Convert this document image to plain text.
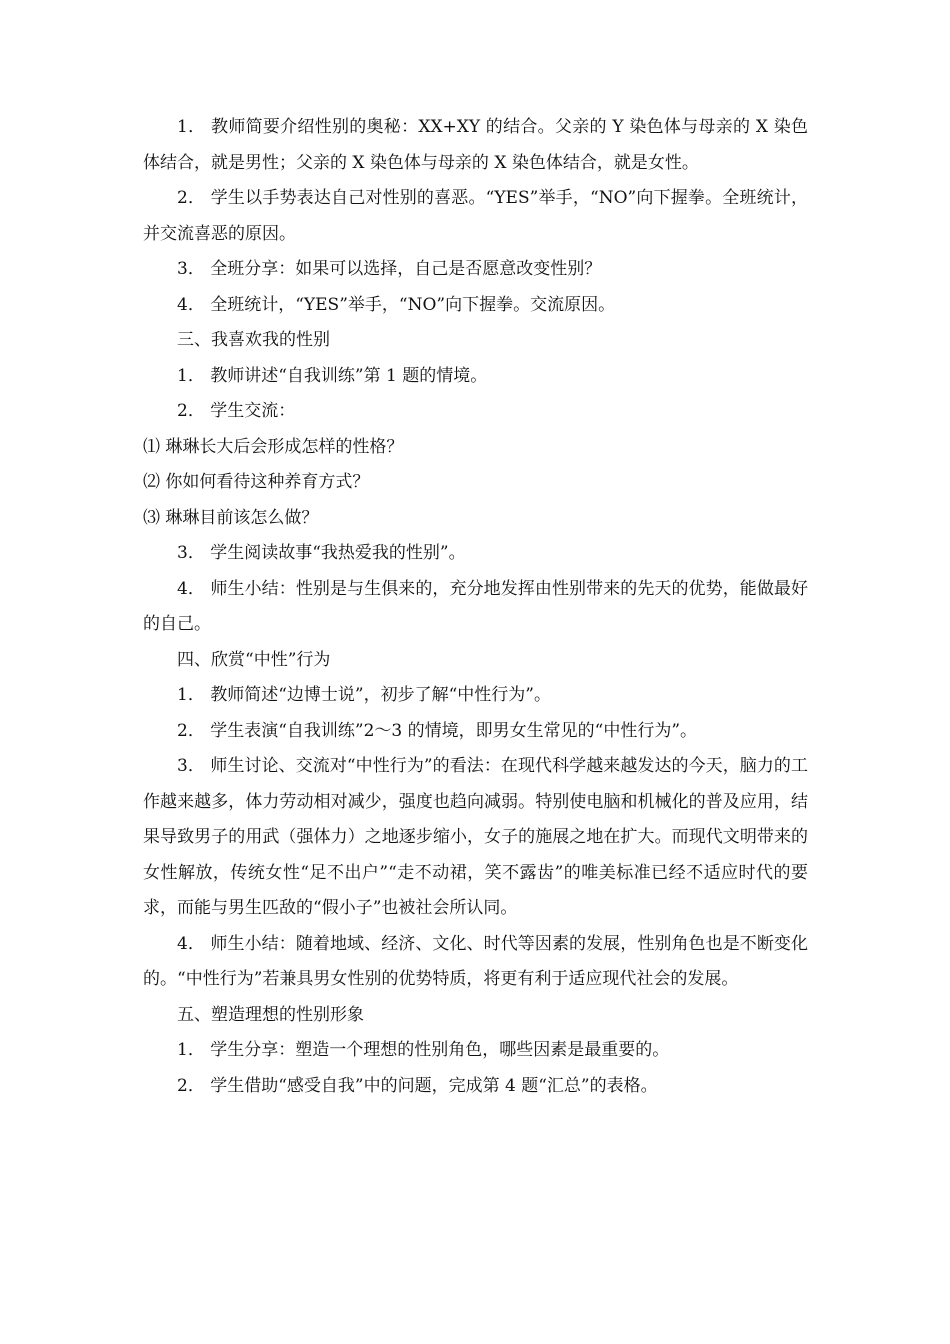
1． 教师简要介绍性别的奥秘：XX+XY 的结合。父亲的 Y 染色体与母亲的 X 染色体结合，就是男性；父亲的 X 染色体与母亲的 X 染色体结合，就是女性。

2． 学生以手势表达自己对性别的喜恶。“YES”举手，“NO”向下握拳。全班统计，并交流喜恶的原因。

3． 全班分享：如果可以选择，自己是否愿意改变性别？

4． 全班统计，“YES”举手，“NO”向下握拳。交流原因。

三、我喜欢我的性别

1． 教师讲述“自我训练”第 1 题的情境。

2． 学生交流：

⑴ 琳琳长大后会形成怎样的性格？

⑵ 你如何看待这种养育方式？

⑶ 琳琳目前该怎么做？

3． 学生阅读故事“我热爱我的性别”。

4． 师生小结：性别是与生俱来的，充分地发挥由性别带来的先天的优势，能做最好的自己。

四、欣赏“中性”行为

1． 教师简述“边博士说”，初步了解“中性行为”。

2． 学生表演“自我训练”2～3 的情境，即男女生常见的“中性行为”。

3． 师生讨论、交流对“中性行为”的看法：在现代科学越来越发达的今天，脑力的工作越来越多，体力劳动相对减少，强度也趋向减弱。特别使电脑和机械化的普及应用，结果导致男子的用武（强体力）之地逐步缩小，女子的施展之地在扩大。而现代文明带来的女性解放，传统女性“足不出户”“走不动裙，笑不露齿”的唯美标准已经不适应时代的要求，而能与男生匹敌的“假小子”也被社会所认同。

4． 师生小结：随着地域、经济、文化、时代等因素的发展，性别角色也是不断变化的。“中性行为”若兼具男女性别的优势特质，将更有利于适应现代社会的发展。

五、塑造理想的性别形象

1． 学生分享：塑造一个理想的性别角色，哪些因素是最重要的。

2． 学生借助“感受自我”中的问题，完成第 4 题“汇总”的表格。
